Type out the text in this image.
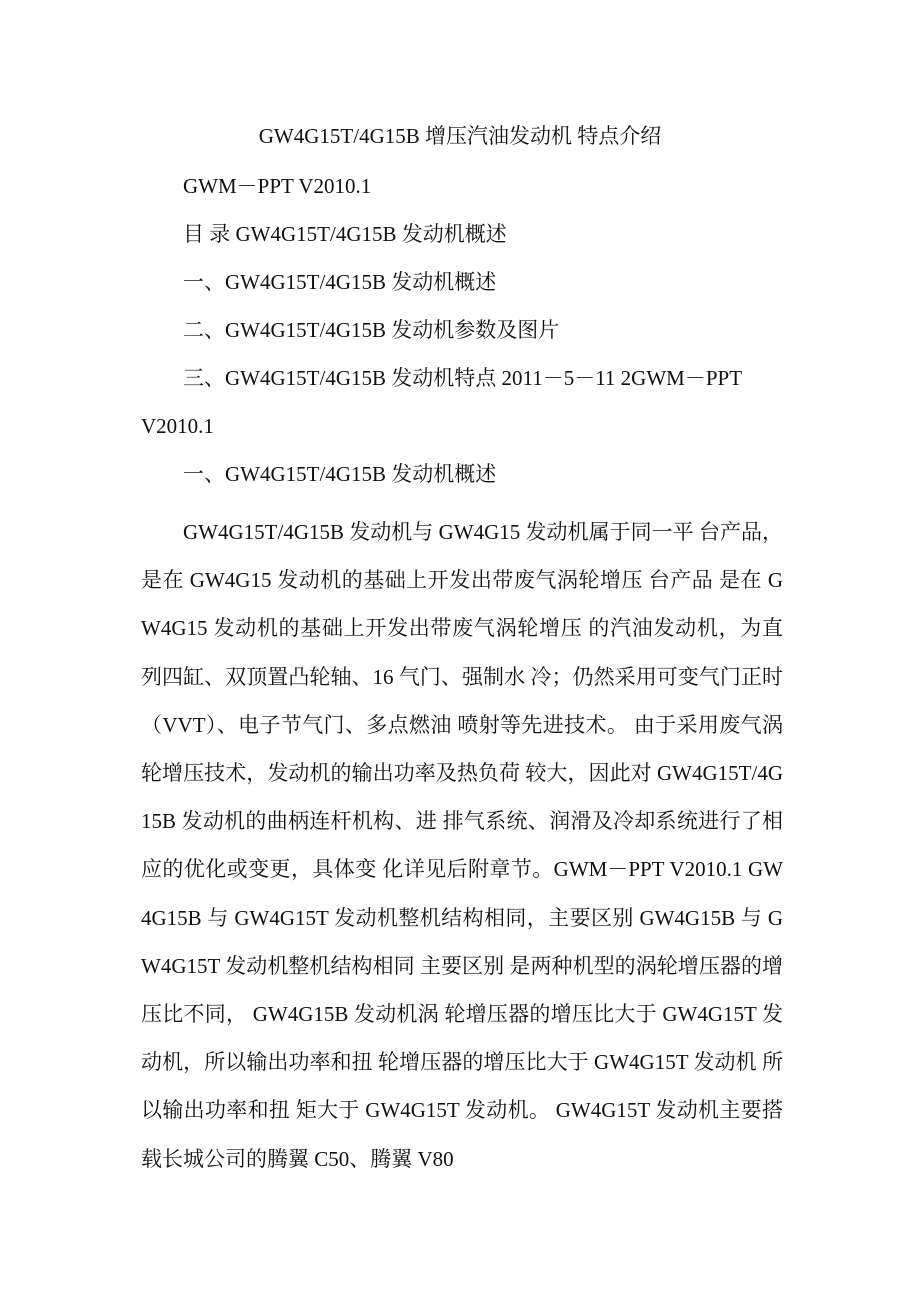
GW4G15T/4G15B 增压汽油发动机 特点介绍
GWM－PPT V2010.1
目 录 GW4G15T/4G15B 发动机概述
一、GW4G15T/4G15B 发动机概述
二、GW4G15T/4G15B 发动机参数及图片
三、GW4G15T/4G15B 发动机特点 2011－5－11 2GWM－PPT
V2010.1
一、GW4G15T/4G15B 发动机概述
GW4G15T/4G15B 发动机与 GW4G15 发动机属于同一平 台产品，是在 GW4G15 发动机的基础上开发出带废气涡轮增压 台产品 是在 GW4G15 发动机的基础上开发出带废气涡轮增压 的汽油发动机，为直列四缸、双顶置凸轮轴、16 气门、强制水 冷；仍然采用可变气门正时（VVT）、电子节气门、多点燃油 喷射等先进技术。 由于采用废气涡轮增压技术，发动机的输出功率及热负荷 较大，因此对 GW4G15T/4G15B 发动机的曲柄连杆机构、进 排气系统、润滑及冷却系统进行了相应的优化或变更，具体变 化详见后附章节。GWM－PPT V2010.1 GW4G15B 与 GW4G15T 发动机整机结构相同，主要区别 GW4G15B 与 GW4G15T 发动机整机结构相同 主要区别 是两种机型的涡轮增压器的增压比不同， GW4G15B 发动机涡 轮增压器的增压比大于 GW4G15T 发动机，所以输出功率和扭 轮增压器的增压比大于 GW4G15T 发动机 所以输出功率和扭 矩大于 GW4G15T 发动机。 GW4G15T 发动机主要搭载长城公司的腾翼 C50、腾翼 V80
